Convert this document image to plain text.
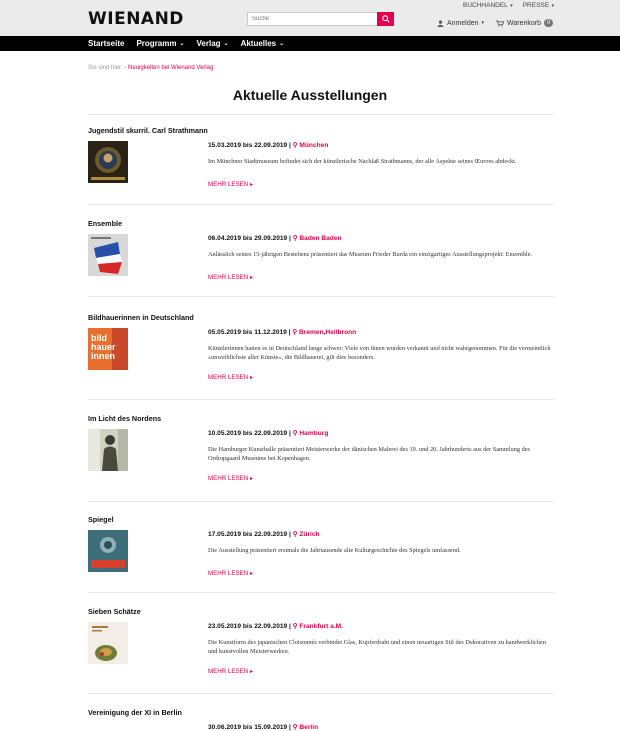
WIENAND
Suche
BUCHHANDEL ▾ PRESSE ▾
Anmelden ▾	Warenkorb	0
Startseite Programm ⌄ Verlag ⌄ Aktuelles ⌄
Sie sind hier: › Neuigkeiten bei Wienand Verlag
Aktuelle Ausstellungen
Jugendstil skurril. Carl Strathmann
15.03.2019 bis 22.09.2019 | ⚲ München
Im Münchner Stadtmuseum befindet sich der künstlerische Nachlaß Strathmanns, der alle Aspekte seines Œuvres abdeckt.
MEHR LESEN ▸
Ensemble
06.04.2019 bis 29.09.2019 | ⚲ Baden Baden
Anlässlich seines 15-jährigen Bestehens präsentiert das Museum Frieder Burda ein einzigartiges Ausstellungsprojekt: Ensemble.
MEHR LESEN ▸
Bildhauerinnen in Deutschland
bild
hauer
innen
05.05.2019 bis 11.12.2019 | ⚲ Bremen,Heilbronn
Künstlerinnen hatten es in Deutschland lange schwer: Viele von ihnen wurden verkannt und nicht wahrgenommen. Für die vermeintlich »unweiblichste aller Künste«, die Bildhauerei, gilt dies besonders.
MEHR LESEN ▸
Im Licht des Nordens
10.05.2019 bis 22.09.2019 | ⚲ Hamburg
Die Hamburger Kunsthalle präsentiert Meisterwerke der dänischen Malerei des 19. und 20. Jahrhunderts aus der Sammlung des Ordrupgaard Museums bei Kopenhagen.
MEHR LESEN ▸
Spiegel
17.05.2019 bis 22.09.2019 | ⚲ Zürich
Die Ausstellung präsentiert erstmals die Jahrtausende alte Kulturgeschichte des Spiegels umfassend.
MEHR LESEN ▸
Sieben Schätze
23.05.2019 bis 22.09.2019 | ⚲ Frankfurt a.M.
Die Kunstform des japanischen Cloisonnés verbindet Glas, Kupferdraht und einen neuartigen Stil des Dekorativen zu handwerklichen und kunstvollen Meisterwerken.
MEHR LESEN ▸
Vereinigung der XI in Berlin
30.06.2019 bis 15.09.2019 | ⚲ Berlin
